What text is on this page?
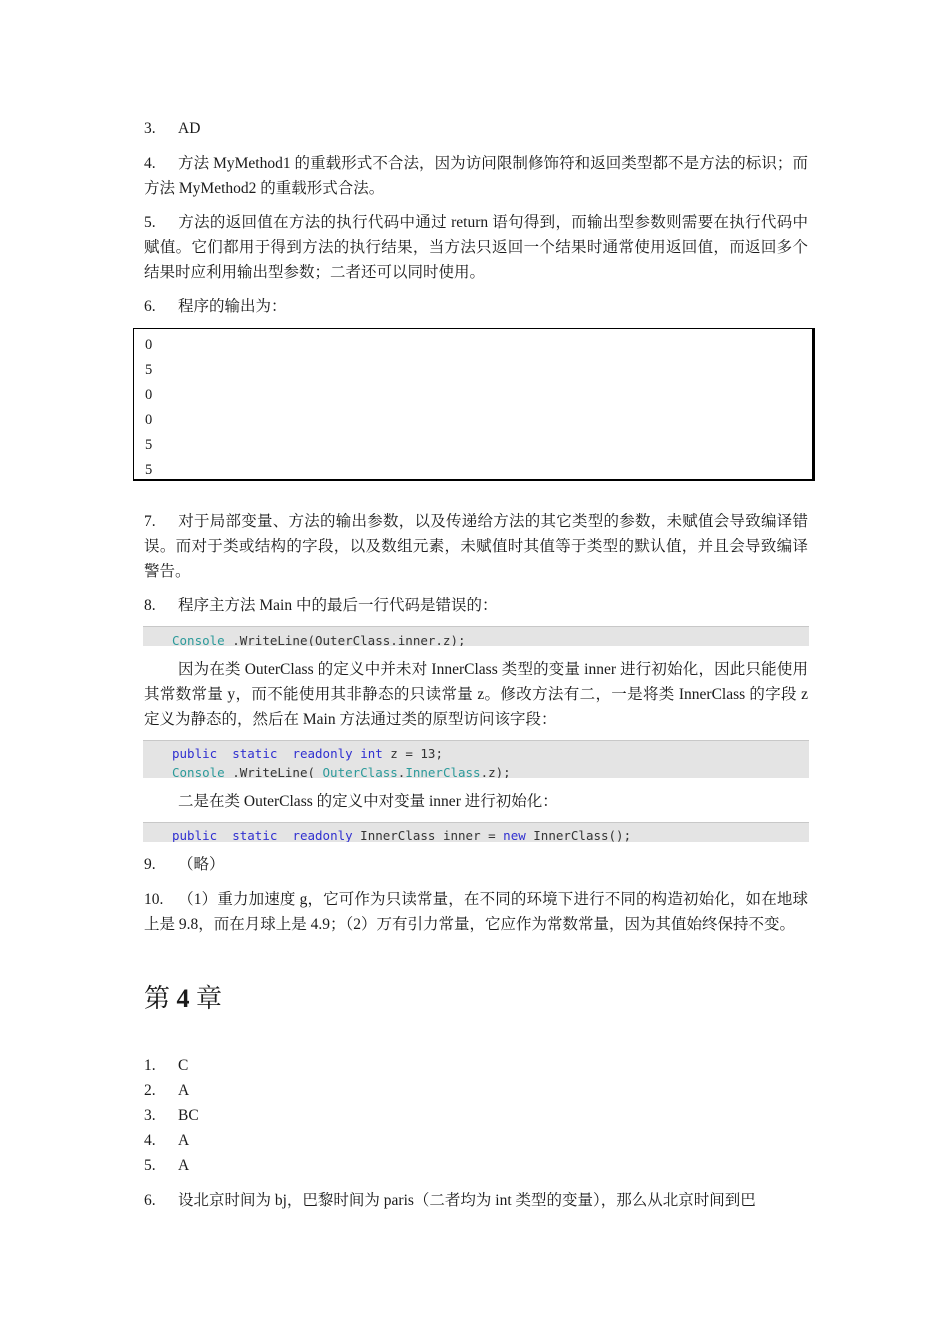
3. AD

4. 方法 MyMethod1 的重载形式不合法，因为访问限制修饰符和返回类型都不是方法的标识；而方法 MyMethod2 的重载形式合法。

5. 方法的返回值在方法的执行代码中通过 return 语句得到，而输出型参数则需要在执行代码中赋值。它们都用于得到方法的执行结果，当方法只返回一个结果时通常使用返回值，而返回多个结果时应利用输出型参数；二者还可以同时使用。

6. 程序的输出为：

0
5
0
0
5
5

7. 对于局部变量、方法的输出参数，以及传递给方法的其它类型的参数，未赋值会导致编译错误。而对于类或结构的字段，以及数组元素，未赋值时其值等于类型的默认值，并且会导致编译警告。

8. 程序主方法 Main 中的最后一行代码是错误的：

Console .WriteLine(OuterClass.inner.z);

因为在类 OuterClass 的定义中并未对 InnerClass 类型的变量 inner 进行初始化，因此只能使用其常数常量 y，而不能使用其非静态的只读常量 z。修改方法有二，一是将类 InnerClass 的字段 z 定义为静态的，然后在 Main 方法通过类的原型访问该字段：

public static readonly int z = 13;
Console .WriteLine( OuterClass.InnerClass.z);

二是在类 OuterClass 的定义中对变量 inner 进行初始化：

public static readonly InnerClass inner = new InnerClass();

9. （略）

10. （1）重力加速度 g，它可作为只读常量，在不同的环境下进行不同的构造初始化，如在地球上是 9.8，而在月球上是 4.9；（2）万有引力常量，它应作为常数常量，因为其值始终保持不变。

第 4 章
1. C
2. A
3. BC
4. A
5. A

6. 设北京时间为 bj，巴黎时间为 paris（二者均为 int 类型的变量），那么从北京时间到巴
